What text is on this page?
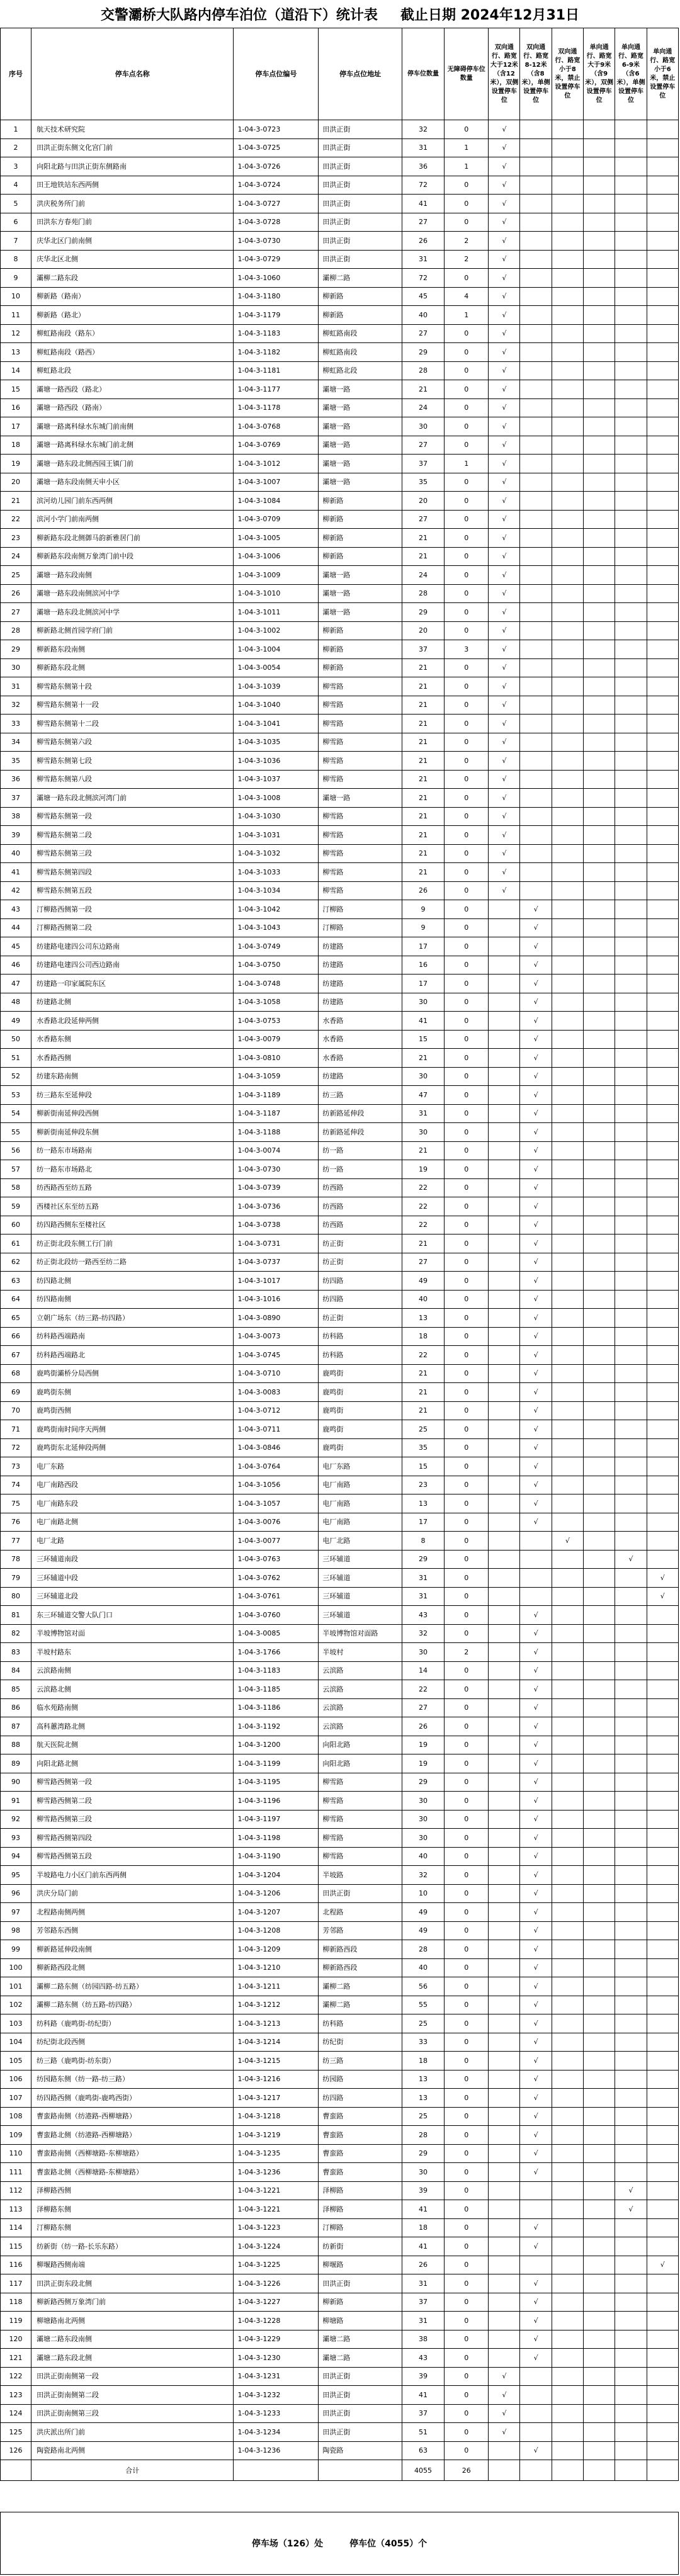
交警灞桥大队路内停车泊位（道沿下）统计表 截止日期 2024年12月31日
序号	停车点名称	停车点位编号	停车点位地址	停车位数量	无障碍停车位数量	双向通行、路宽大于12米（含12米），双侧设置停车位	双向通行、路宽8-12米（含8米），单侧设置停车位	双向通行、路宽小于8米，禁止设置停车位	单向通行、路宽大于9米（含9米），双侧设置停车位	单向通行、路宽6-9米（含6米），单侧设置停车位	单向通行、路宽小于6米，禁止设置停车位
1	航天技术研究院	1-04-3-0723	田洪正街	32	0	√					
2	田洪正街东侧文化宫门前	1-04-3-0725	田洪正街	31	1	√					
3	向阳北路与田洪正街东侧路南	1-04-3-0726	田洪正街	36	1	√					
4	田王地铁站东西两侧	1-04-3-0724	田洪正街	72	0	√					
5	洪庆税务所门前	1-04-3-0727	田洪正街	41	0	√					
6	田洪东方春苑门前	1-04-3-0728	田洪正街	27	0	√					
7	庆华北区门前南侧	1-04-3-0730	田洪正街	26	2	√					
8	庆华北区北侧	1-04-3-0729	田洪正街	31	2	√					
9	灞柳二路东段	1-04-3-1060	灞柳二路	72	0	√					
10	柳新路（路南）	1-04-3-1180	柳新路	45	4	√					
11	柳新路（路北）	1-04-3-1179	柳新路	40	1	√					
12	柳虹路南段（路东）	1-04-3-1183	柳虹路南段	27	0	√					
13	柳虹路南段（路西）	1-04-3-1182	柳虹路南段	29	0	√					
14	柳虹路北段	1-04-3-1181	柳虹路北段	28	0	√					
15	灞塘一路西段（路北）	1-04-3-1177	灞塘一路	21	0	√					
16	灞塘一路西段（路南）	1-04-3-1178	灞塘一路	24	0	√					
17	灞塘一路离科绿水东城门前南侧	1-04-3-0768	灞塘一路	30	0	√					
18	灞塘一路离科绿水东城门前北侧	1-04-3-0769	灞塘一路	27	0	√					
19	灞塘一路东段北侧西园王镇门前	1-04-3-1012	灞塘一路	37	1	√					
20	灞塘一路东段南侧天申小区	1-04-3-1007	灞塘一路	35	0	√					
21	滨河幼儿园门前东西两侧	1-04-3-1084	柳新路	20	0	√					
22	滨河小学门前南两侧	1-04-3-0709	柳新路	27	0	√					
23	柳新路东段北侧御马韵新雅居门前	1-04-3-1005	柳新路	21	0	√					
24	柳新路东段南侧万象湾门前中段	1-04-3-1006	柳新路	21	0	√					
25	灞塘一路东段南侧	1-04-3-1009	灞塘一路	24	0	√					
26	灞塘一路东段南侧滨河中学	1-04-3-1010	灞塘一路	28	0	√					
27	灞塘一路东段北侧滨河中学	1-04-3-1011	灞塘一路	29	0	√					
28	柳新路北侧首园学府门前	1-04-3-1002	柳新路	20	0	√					
29	柳新路东段南侧	1-04-3-1004	柳新路	37	3	√					
30	柳新路东段北侧	1-04-3-0054	柳新路	21	0	√					
31	柳雪路东侧第十段	1-04-3-1039	柳雪路	21	0	√					
32	柳雪路东侧第十一段	1-04-3-1040	柳雪路	21	0	√					
33	柳雪路东侧第十二段	1-04-3-1041	柳雪路	21	0	√					
34	柳雪路东侧第六段	1-04-3-1035	柳雪路	21	0	√					
35	柳雪路东侧第七段	1-04-3-1036	柳雪路	21	0	√					
36	柳雪路东侧第八段	1-04-3-1037	柳雪路	21	0	√					
37	灞塘一路东段北侧滨河湾门前	1-04-3-1008	灞塘一路	21	0	√					
38	柳雪路东侧第一段	1-04-3-1030	柳雪路	21	0	√					
39	柳雪路东侧第二段	1-04-3-1031	柳雪路	21	0	√					
40	柳雪路东侧第三段	1-04-3-1032	柳雪路	21	0	√					
41	柳雪路东侧第四段	1-04-3-1033	柳雪路	21	0	√					
42	柳雪路东侧第五段	1-04-3-1034	柳雪路	26	0	√					
43	汀柳路西侧第一段	1-04-3-1042	汀柳路	9	0		√				
44	汀柳路西侧第二段	1-04-3-1043	汀柳路	9	0		√				
45	纺建路电建四公司东边路南	1-04-3-0749	纺建路	17	0		√				
46	纺建路电建四公司西边路南	1-04-3-0750	纺建路	16	0		√				
47	纺建路一印家属院东区	1-04-3-0748	纺建路	17	0		√				
48	纺建路北侧	1-04-3-1058	纺建路	30	0		√				
49	水香路北段延伸两侧	1-04-3-0753	水香路	41	0		√				
50	水香路东侧	1-04-3-0079	水香路	15	0		√				
51	水香路西侧	1-04-3-0810	水香路	21	0		√				
52	纺建东路南侧	1-04-3-1059	纺建路	30	0		√				
53	纺三路东至延伸段	1-04-3-1189	纺三路	47	0		√				
54	柳新街南延伸段西侧	1-04-3-1187	纺新路延伸段	31	0		√				
55	柳新街南延伸段东侧	1-04-3-1188	纺新路延伸段	30	0		√				
56	纺一路东市场路南	1-04-3-0074	纺一路	21	0		√				
57	纺一路东市场路北	1-04-3-0730	纺一路	19	0		√				
58	纺西路西至纺五路	1-04-3-0739	纺西路	22	0		√				
59	西楼社区东至纺五路	1-04-3-0736	纺西路	22	0		√				
60	纺四路西侧东至楼社区	1-04-3-0738	纺西路	22	0		√				
61	纺正街北段东侧工行门前	1-04-3-0731	纺正街	21	0		√				
62	纺正街北段纺一路西至纺二路	1-04-3-0737	纺正街	27	0		√				
63	纺四路北侧	1-04-3-1017	纺四路	49	0		√				
64	纺四路南侧	1-04-3-1016	纺四路	40	0		√				
65	立朝广场东（纺三路-纺四路）	1-04-3-0890	纺正街	13	0		√				
66	纺科路西端路南	1-04-3-0073	纺科路	18	0		√				
67	纺科路西端路北	1-04-3-0745	纺科路	22	0		√				
68	鹿鸣街灞桥分局西侧	1-04-3-0710	鹿鸣街	21	0		√				
69	鹿鸣街东侧	1-04-3-0083	鹿鸣街	21	0		√				
70	鹿鸣街西侧	1-04-3-0712	鹿鸣街	21	0		√				
71	鹿鸣街南时间序天两侧	1-04-3-0711	鹿鸣街	25	0		√				
72	鹿鸣街东北延伸段两侧	1-04-3-0846	鹿鸣街	35	0		√				
73	电厂东路	1-04-3-0764	电厂东路	15	0		√				
74	电厂南路西段	1-04-3-1056	电厂南路	23	0		√				
75	电厂南路东段	1-04-3-1057	电厂南路	13	0		√				
76	电厂南路北侧	1-04-3-0076	电厂南路	17	0		√				
77	电厂北路	1-04-3-0077	电厂北路	8	0			√			
78	三环辅道南段	1-04-3-0763	三环辅道	29	0					√	
79	三环辅道中段	1-04-3-0762	三环辅道	31	0						√
80	三环辅道北段	1-04-3-0761	三环辅道	31	0						√
81	东三环辅道交警大队门口	1-04-3-0760	三环辅道	43	0		√				
82	半坡博物馆对面	1-04-3-0085	半坡博物馆对面路	32	0		√				
83	半坡村路东	1-04-3-1766	半坡村	30	2		√				
84	云滨路南侧	1-04-3-1183	云滨路	14	0		√				
85	云滨路北侧	1-04-3-1185	云滨路	22	0		√				
86	临水苑路南侧	1-04-3-1186	云滨路	27	0		√				
87	高科蕙湾路北侧	1-04-3-1192	云滨路	26	0		√				
88	航天医院北侧	1-04-3-1200	向阳北路	19	0		√				
89	向阳北路北侧	1-04-3-1199	向阳北路	19	0		√				
90	柳雪路西侧第一段	1-04-3-1195	柳雪路	29	0		√				
91	柳雪路西侧第二段	1-04-3-1196	柳雪路	30	0		√				
92	柳雪路西侧第三段	1-04-3-1197	柳雪路	30	0		√				
93	柳雪路西侧第四段	1-04-3-1198	柳雪路	30	0		√				
94	柳雪路西侧第五段	1-04-3-1190	柳雪路	40	0		√				
95	半坡路电力小区门前东西两侧	1-04-3-1204	半坡路	32	0		√				
96	洪庆分局门前	1-04-3-1206	田洪正街	10	0		√				
97	北程路南侧两侧	1-04-3-1207	北程路	49	0		√				
98	芳邻路东西侧	1-04-3-1208	芳邻路	49	0		√				
99	柳新路延伸段南侧	1-04-3-1209	柳新路西段	28	0		√				
100	柳新路西段北侧	1-04-3-1210	柳新路西段	40	0		√				
101	灞柳二路东侧（纺园四路-纺五路）	1-04-3-1211	灞柳二路	56	0		√				
102	灞柳二路东侧（纺五路-纺四路）	1-04-3-1212	灞柳二路	55	0		√				
103	纺科路（鹿鸣街-纺纪街）	1-04-3-1213	纺科路	25	0		√				
104	纺纪街北段西侧	1-04-3-1214	纺纪街	33	0		√				
105	纺三路（鹿鸣街-纺东街）	1-04-3-1215	纺三路	18	0		√				
106	纺园路东侧（纺一路-纺三路）	1-04-3-1216	纺园路	13	0		√				
107	纺四路西侧（鹿鸣街-鹿鸣西街）	1-04-3-1217	纺四路	13	0		√				
108	曹蛮路南侧（纺港路-西柳塘路）	1-04-3-1218	曹蛮路	25	0		√				
109	曹蛮路北侧（纺港路-西柳塘路）	1-04-3-1219	曹蛮路	28	0		√				
110	曹蛮路南侧（西柳塘路-东柳塘路）	1-04-3-1235	曹蛮路	29	0		√				
111	曹蛮路北侧（西柳塘路-东柳塘路）	1-04-3-1236	曹蛮路	30	0		√				
112	泽柳路西侧	1-04-3-1221	泽柳路	39	0					√	
113	泽柳路东侧	1-04-3-1221	泽柳路	41	0					√	
114	汀柳路东侧	1-04-3-1223	汀柳路	18	0		√				
115	纺新街（纺一路-长乐东路）	1-04-3-1224	纺新街	41	0		√				
116	柳堰路西侧南端	1-04-3-1225	柳堰路	26	0						√
117	田洪正街东段北侧	1-04-3-1226	田洪正街	31	0		√				
118	柳新路西侧万象湾门前	1-04-3-1227	柳新路	37	0		√				
119	柳塘路南北两侧	1-04-3-1228	柳塘路	31	0		√				
120	灞塘二路东段南侧	1-04-3-1229	灞塘二路	38	0		√				
121	灞塘二路东段北侧	1-04-3-1230	灞塘二路	43	0		√				
122	田洪正街南侧第一段	1-04-3-1231	田洪正街	39	0	√					
123	田洪正街南侧第二段	1-04-3-1232	田洪正街	41	0	√					
124	田洪正街南侧第三段	1-04-3-1233	田洪正街	37	0	√					
125	洪庆派出所门前	1-04-3-1234	田洪正街	51	0	√					
126	陶瓷路南北两侧	1-04-3-1236	陶瓷路	63	0		√				
	合计			4055	26						
停车场（126）处	停车位（4055）个
